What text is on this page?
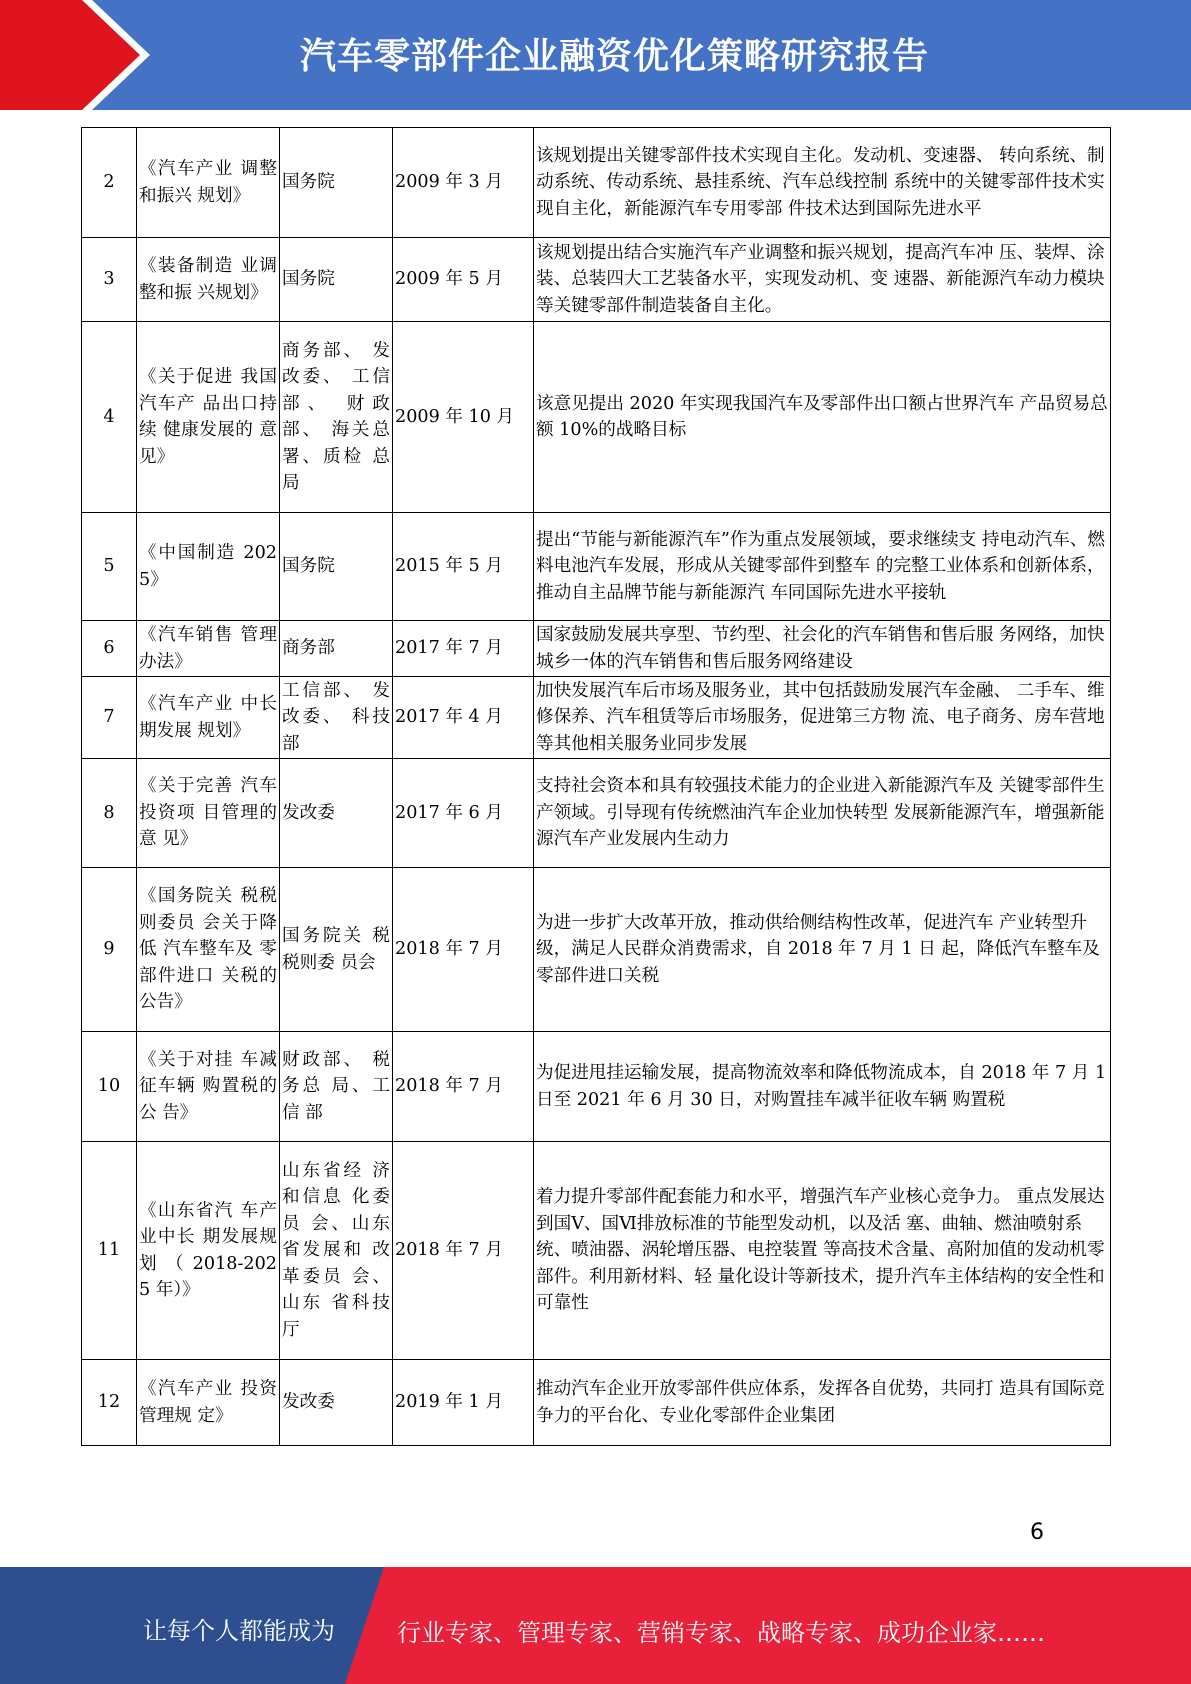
汽车零部件企业融资优化策略研究报告
2	《汽车产业 调整和振兴 规划》	国务院	2009 年 3 月	该规划提出关键零部件技术实现自主化。发动机、变速器、 转向系统、制动系统、传动系统、悬挂系统、汽车总线控制 系统中的关键零部件技术实现自主化，新能源汽车专用零部 件技术达到国际先进水平
3	《装备制造 业调整和振 兴规划》	国务院	2009 年 5 月	该规划提出结合实施汽车产业调整和振兴规划，提高汽车冲 压、装焊、涂装、总装四大工艺装备水平，实现发动机、变 速器、新能源汽车动力模块等关键零部件制造装备自主化。
4	《关于促进 我国汽车产 品出口持续 健康发展的 意见》	商务部、 发改委、 工信部、 财政部、 海关总署、质检 总局	2009 年 10 月	该意见提出 2020 年实现我国汽车及零部件出口额占世界汽车 产品贸易总额 10%的战略目标
5	《中国制造 2025》	国务院	2015 年 5 月	提出“节能与新能源汽车”作为重点发展领域，要求继续支 持电动汽车、燃料电池汽车发展，形成从关键零部件到整车 的完整工业体系和创新体系，推动自主品牌节能与新能源汽 车同国际先进水平接轨
6	《汽车销售 管理办法》	商务部	2017 年 7 月	国家鼓励发展共享型、节约型、社会化的汽车销售和售后服 务网络，加快城乡一体的汽车销售和售后服务网络建设
7	《汽车产业 中长期发展 规划》	工信部、 发改委、 科技部	2017 年 4 月	加快发展汽车后市场及服务业，其中包括鼓励发展汽车金融、 二手车、维修保养、汽车租赁等后市场服务，促进第三方物 流、电子商务、房车营地等其他相关服务业同步发展
8	《关于完善 汽车投资项 目管理的意 见》	发改委	2017 年 6 月	支持社会资本和具有较强技术能力的企业进入新能源汽车及 关键零部件生产领域。引导现有传统燃油汽车企业加快转型 发展新能源汽车，增强新能源汽车产业发展内生动力
9	《国务院关 税税则委员 会关于降低 汽车整车及 零部件进口 关税的公告》	国务院关 税税则委 员会	2018 年 7 月	为进一步扩大改革开放，推动供给侧结构性改革，促进汽车 产业转型升级，满足人民群众消费需求，自 2018 年 7 月 1 日 起，降低汽车整车及零部件进口关税
10	《关于对挂 车减征车辆 购置税的公 告》	财政部、 税务总 局、工信 部	2018 年 7 月	为促进甩挂运输发展，提高物流效率和降低物流成本，自 2018 年 7 月 1 日至 2021 年 6 月 30 日，对购置挂车减半征收车辆 购置税
11	《山东省汽 车产业中长 期发展规划 （ 2018-2025 年）》	山东省经 济和信息 化委员 会、山东 省发展和 改革委员 会、山东 省科技厅	2018 年 7 月	着力提升零部件配套能力和水平，增强汽车产业核心竞争力。 重点发展达到国Ⅴ、国Ⅵ排放标准的节能型发动机，以及活 塞、曲轴、燃油喷射系统、喷油器、涡轮增压器、电控装置 等高技术含量、高附加值的发动机零部件。利用新材料、轻 量化设计等新技术，提升汽车主体结构的安全性和可靠性
12	《汽车产业 投资管理规 定》	发改委	2019 年 1 月	推动汽车企业开放零部件供应体系，发挥各自优势，共同打 造具有国际竞争力的平台化、专业化零部件企业集团
6
让每个人都能成为	行业专家、管理专家、营销专家、战略专家、成功企业家……
